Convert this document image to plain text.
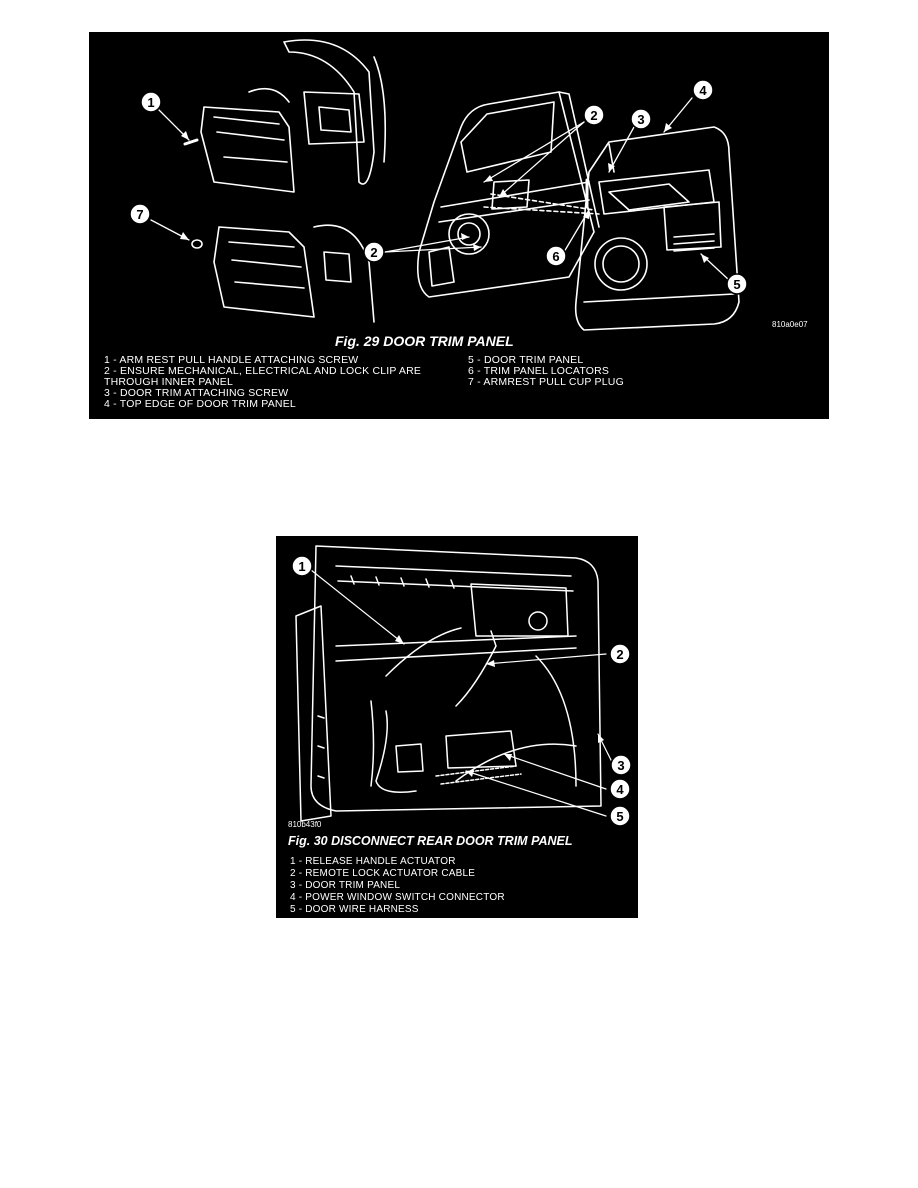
1
7
2
2
3
4
6
5
810a0e07
Fig. 29 DOOR TRIM PANEL
1 - ARM REST PULL HANDLE ATTACHING SCREW
2 - ENSURE MECHANICAL, ELECTRICAL AND LOCK CLIP ARE
THROUGH INNER PANEL
3 - DOOR TRIM ATTACHING SCREW
4 - TOP EDGE OF DOOR TRIM PANEL
5 - DOOR TRIM PANEL
6 - TRIM PANEL LOCATORS
7 - ARMREST PULL CUP PLUG
1
2
3
4
5
810b43f0
Fig. 30 DISCONNECT REAR DOOR TRIM PANEL
1 - RELEASE HANDLE ACTUATOR
2 - REMOTE LOCK ACTUATOR CABLE
3 - DOOR TRIM PANEL
4 - POWER WINDOW SWITCH CONNECTOR
5 - DOOR WIRE HARNESS
